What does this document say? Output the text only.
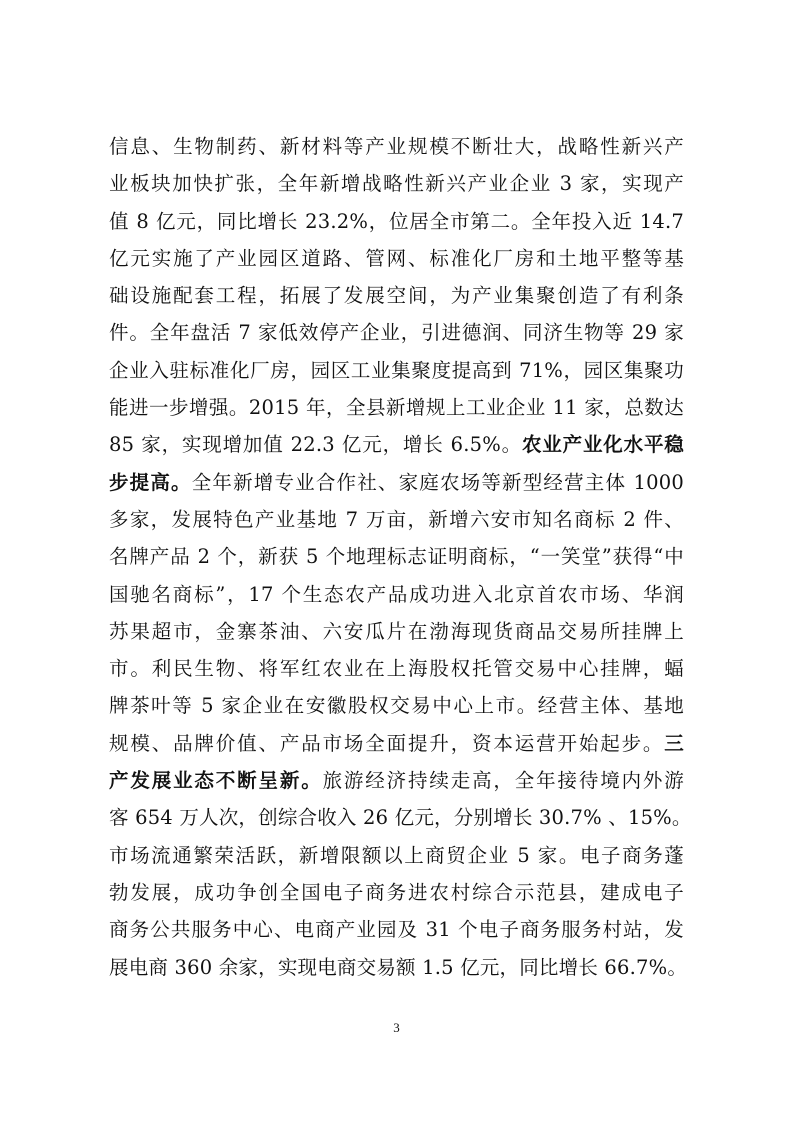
信息、生物制药、新材料等产业规模不断壮大，战略性新兴产
业板块加快扩张，全年新增战略性新兴产业企业 3 家，实现产
值 8 亿元，同比增长 23.2%，位居全市第二。全年投入近 14.7
亿元实施了产业园区道路、管网、标准化厂房和土地平整等基
础设施配套工程，拓展了发展空间，为产业集聚创造了有利条
件。全年盘活 7 家低效停产企业，引进德润、同济生物等 29 家
企业入驻标准化厂房，园区工业集聚度提高到 71%，园区集聚功
能进一步增强。2015 年，全县新增规上工业企业 11 家，总数达
85 家，实现增加值 22.3 亿元，增长 6.5%。农业产业化水平稳
步提高。全年新增专业合作社、家庭农场等新型经营主体 1000
多家，发展特色产业基地 7 万亩，新增六安市知名商标 2 件、
名牌产品 2 个，新获 5 个地理标志证明商标，“一笑堂”获得“中
国驰名商标”，17 个生态农产品成功进入北京首农市场、华润
苏果超市，金寨茶油、六安瓜片在渤海现货商品交易所挂牌上
市。利民生物、将军红农业在上海股权托管交易中心挂牌，蝠
牌茶叶等 5 家企业在安徽股权交易中心上市。经营主体、基地
规模、品牌价值、产品市场全面提升，资本运营开始起步。三
产发展业态不断呈新。旅游经济持续走高，全年接待境内外游
客 654 万人次，创综合收入 26 亿元，分别增长 30.7% 、15%。
市场流通繁荣活跃，新增限额以上商贸企业 5 家。电子商务蓬
勃发展，成功争创全国电子商务进农村综合示范县，建成电子
商务公共服务中心、电商产业园及 31 个电子商务服务村站，发
展电商 360 余家，实现电商交易额 1.5 亿元，同比增长 66.7%。
3
